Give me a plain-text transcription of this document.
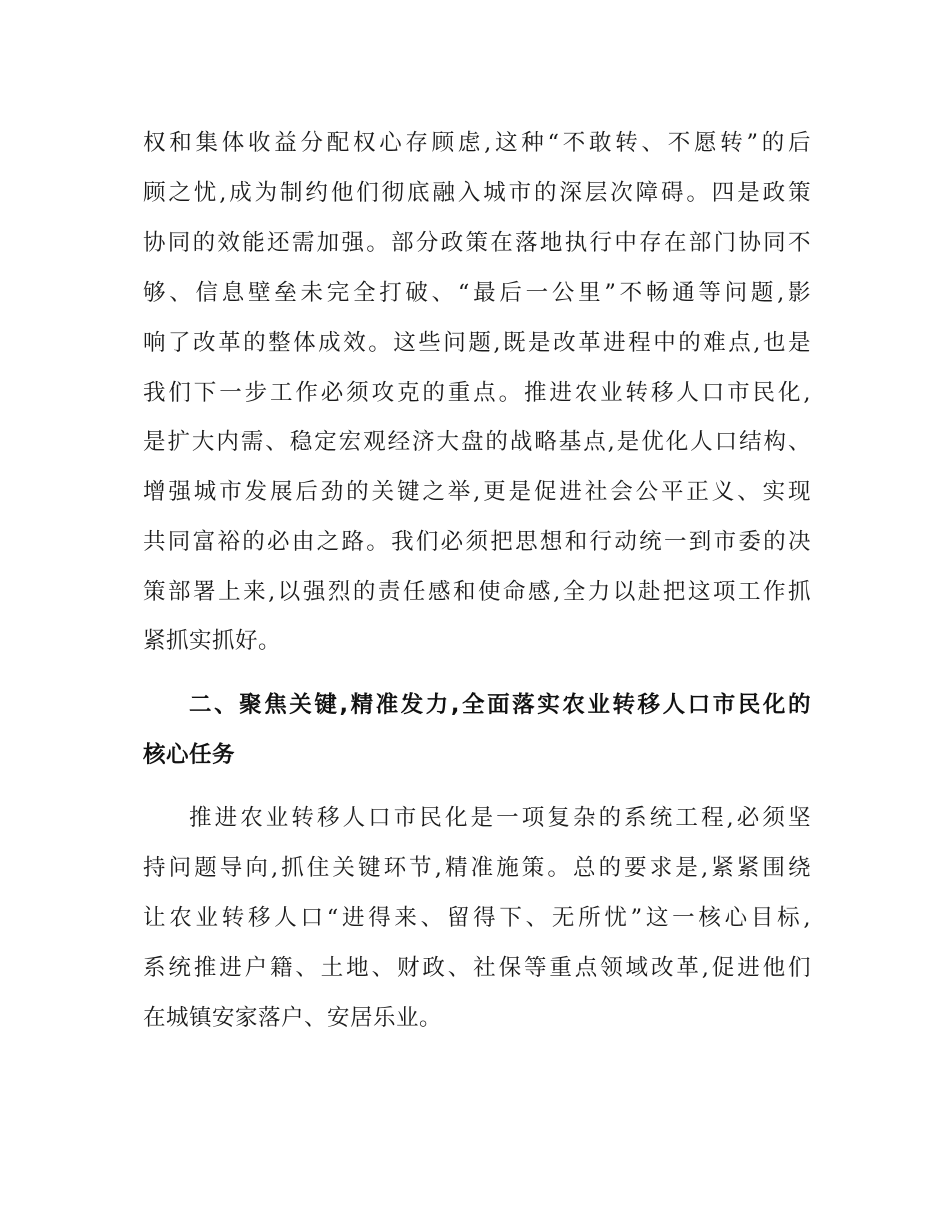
权和集体收益分配权心存顾虑,这种“不敢转、不愿转”的后
顾之忧,成为制约他们彻底融入城市的深层次障碍。四是政策
协同的效能还需加强。部分政策在落地执行中存在部门协同不
够、信息壁垒未完全打破、“最后一公里”不畅通等问题,影
响了改革的整体成效。这些问题,既是改革进程中的难点,也是
我们下一步工作必须攻克的重点。推进农业转移人口市民化,
是扩大内需、稳定宏观经济大盘的战略基点,是优化人口结构、
增强城市发展后劲的关键之举,更是促进社会公平正义、实现
共同富裕的必由之路。我们必须把思想和行动统一到市委的决
策部署上来,以强烈的责任感和使命感,全力以赴把这项工作抓
紧抓实抓好。
二、聚焦关键,精准发力,全面落实农业转移人口市民化的
核心任务
推进农业转移人口市民化是一项复杂的系统工程,必须坚
持问题导向,抓住关键环节,精准施策。总的要求是,紧紧围绕
让农业转移人口“进得来、留得下、无所忧”这一核心目标,
系统推进户籍、土地、财政、社保等重点领域改革,促进他们
在城镇安家落户、安居乐业。
